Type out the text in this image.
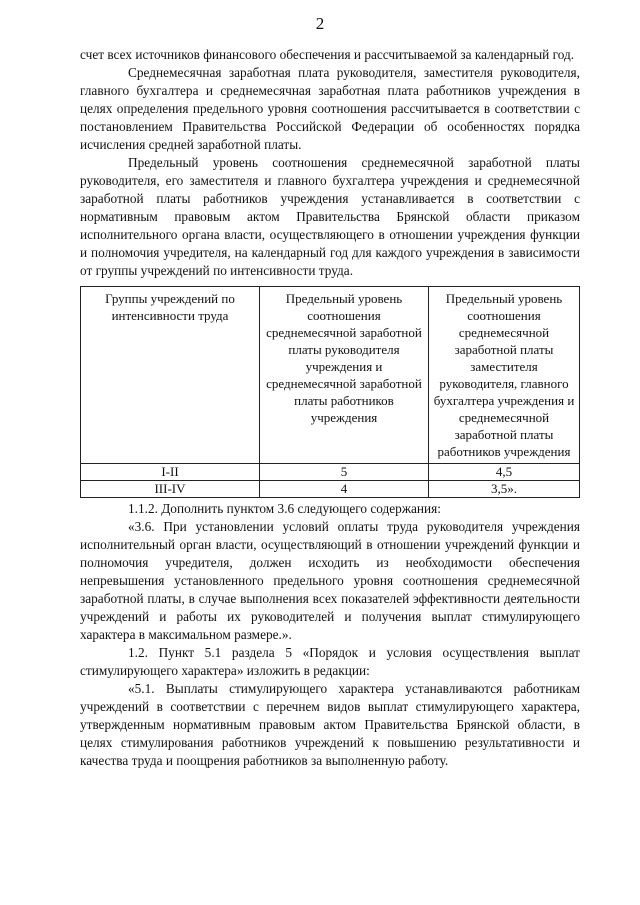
2

счет всех источников финансового обеспечения и рассчитываемой за календарный год.

Среднемесячная заработная плата руководителя, заместителя руководителя, главного бухгалтера и среднемесячная заработная плата работников учреждения в целях определения предельного уровня соотношения рассчитывается в соответствии с постановлением Правительства Российской Федерации об особенностях порядка исчисления средней заработной платы.

Предельный уровень соотношения среднемесячной заработной платы руководителя, его заместителя и главного бухгалтера учреждения и среднемесячной заработной платы работников учреждения устанавливается в соответствии с нормативным правовым актом Правительства Брянской области приказом исполнительного органа власти, осуществляющего в отношении учреждения функции и полномочия учредителя, на календарный год для каждого учреждения в зависимости от группы учреждений по интенсивности труда.

Группы учреждений по интенсивности труда	Предельный уровень соотношения среднемесячной заработной платы руководителя учреждения и среднемесячной заработной платы работников учреждения	Предельный уровень соотношения среднемесячной заработной платы заместителя руководителя, главного бухгалтера учреждения и среднемесячной заработной платы работников учреждения
I-II	5	4,5
III-IV	4	3,5».

1.1.2. Дополнить пунктом 3.6 следующего содержания:

«3.6. При установлении условий оплаты труда руководителя учреждения исполнительный орган власти, осуществляющий в отношении учреждений функции и полномочия учредителя, должен исходить из необходимости обеспечения непревышения установленного предельного уровня соотношения среднемесячной заработной платы, в случае выполнения всех показателей эффективности деятельности учреждений и работы их руководителей и получения выплат стимулирующего характера в максимальном размере.».

1.2. Пункт 5.1 раздела 5 «Порядок и условия осуществления выплат стимулирующего характера» изложить в редакции:

«5.1. Выплаты стимулирующего характера устанавливаются работникам учреждений в соответствии с перечнем видов выплат стимулирующего характера, утвержденным нормативным правовым актом Правительства Брянской области, в целях стимулирования работников учреждений к повышению результативности и качества труда и поощрения работников за выполненную работу.
